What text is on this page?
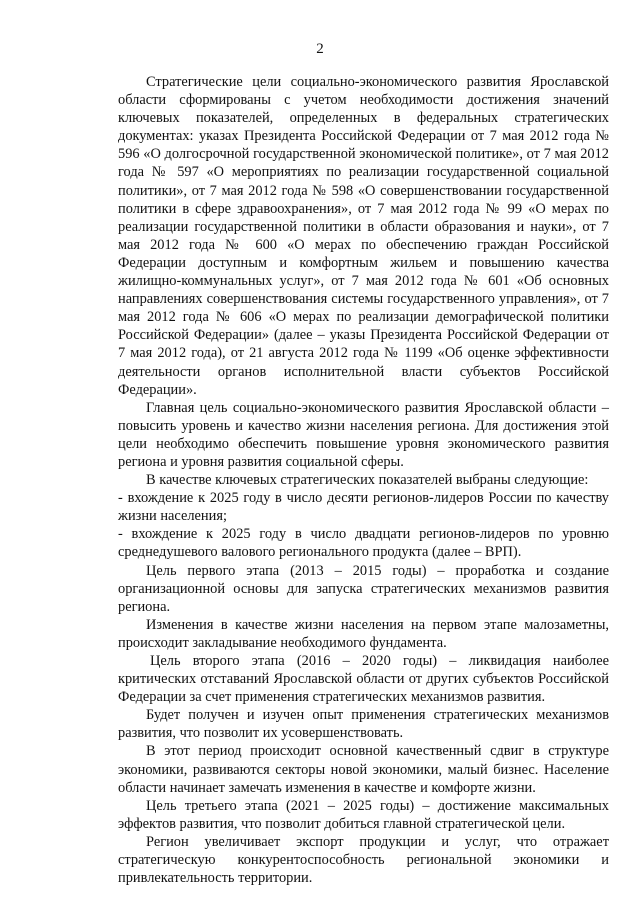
2

Стратегические цели социально-экономического развития Ярославской области сформированы с учетом необходимости достижения значений ключевых показателей, определенных в федеральных стратегических документах: указах Президента Российской Федерации от 7 мая 2012 года № 596 «О долгосрочной государственной экономической политике», от 7 мая 2012 года № 597 «О мероприятиях по реализации государственной социальной политики», от 7 мая 2012 года № 598 «О совершенствовании государственной политики в сфере здравоохранения», от 7 мая 2012 года № 99 «О мерах по реализации государственной политики в области образования и науки», от 7 мая 2012 года № 600 «О мерах по обеспечению граждан Российской Федерации доступным и комфортным жильем и повышению качества жилищно-коммунальных услуг», от 7 мая 2012 года № 601 «Об основных направлениях совершенствования системы государственного управления», от 7 мая 2012 года № 606 «О мерах по реализации демографической политики Российской Федерации» (далее – указы Президента Российской Федерации от 7 мая 2012 года), от 21 августа 2012 года № 1199 «Об оценке эффективности деятельности органов исполнительной власти субъектов Российской Федерации».

Главная цель социально-экономического развития Ярославской области – повысить уровень и качество жизни населения региона. Для достижения этой цели необходимо обеспечить повышение уровня экономического развития региона и уровня развития социальной сферы.

В качестве ключевых стратегических показателей выбраны следующие:

- вхождение к 2025 году в число десяти регионов-лидеров России по качеству жизни населения;

- вхождение к 2025 году в число двадцати регионов-лидеров по уровню среднедушевого валового регионального продукта (далее – ВРП).

Цель первого этапа (2013 – 2015 годы) – проработка и создание организационной основы для запуска стратегических механизмов развития региона.

Изменения в качестве жизни населения на первом этапе малозаметны, происходит закладывание необходимого фундамента.

Цель второго этапа (2016 – 2020 годы) – ликвидация наиболее критических отставаний Ярославской области от других субъектов Российской Федерации за счет применения стратегических механизмов развития.

Будет получен и изучен опыт применения стратегических механизмов развития, что позволит их усовершенствовать.

В этот период происходит основной качественный сдвиг в структуре экономики, развиваются секторы новой экономики, малый бизнес. Население области начинает замечать изменения в качестве и комфорте жизни.

Цель третьего этапа (2021 – 2025 годы) – достижение максимальных эффектов развития, что позволит добиться главной стратегической цели.

Регион увеличивает экспорт продукции и услуг, что отражает стратегическую конкурентоспособность региональной экономики и привлекательность территории.
